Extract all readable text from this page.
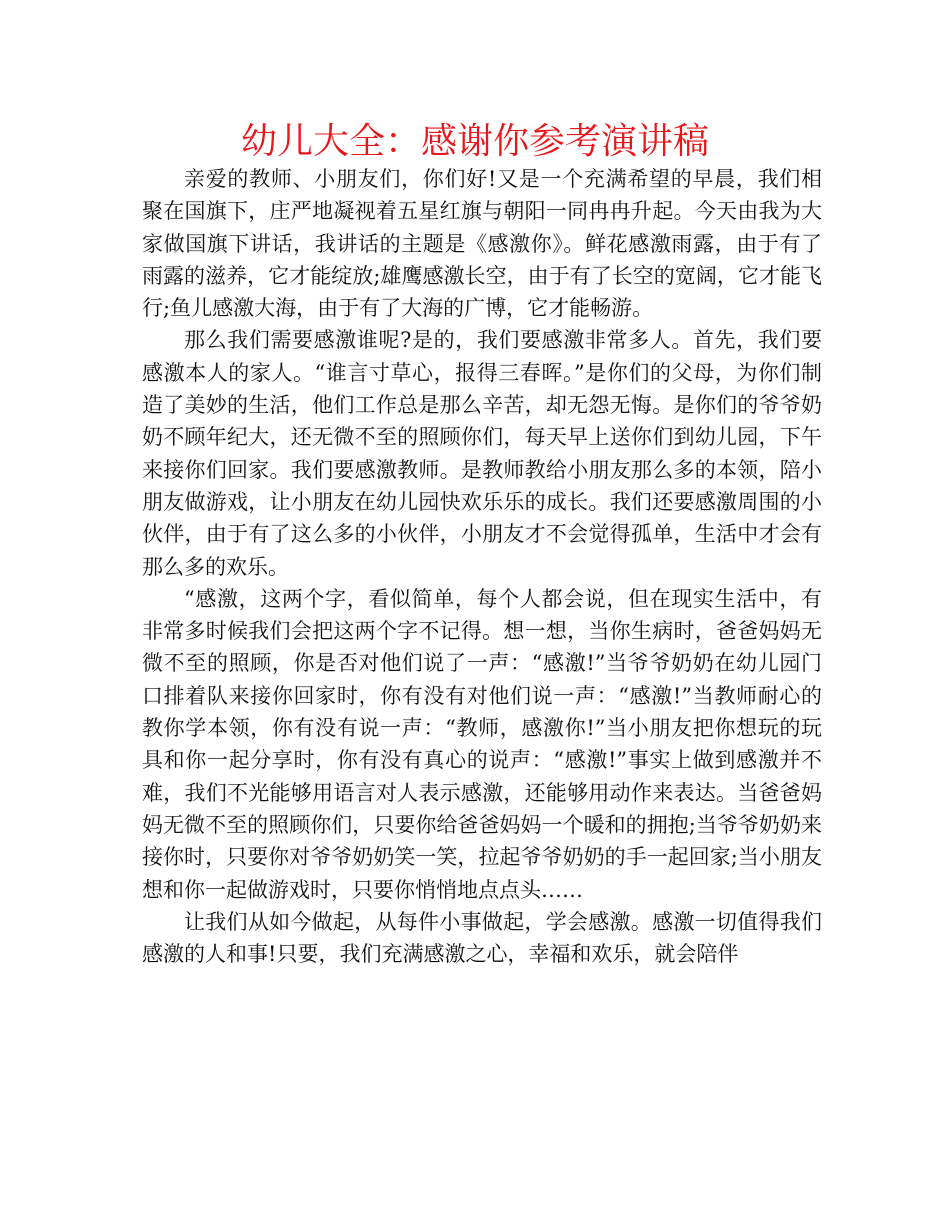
幼儿大全：感谢你参考演讲稿

亲爱的教师、小朋友们，你们好!又是一个充满希望的早晨，我们相聚在国旗下，庄严地凝视着五星红旗与朝阳一同冉冉升起。今天由我为大家做国旗下讲话，我讲话的主题是《感激你》。鲜花感激雨露，由于有了雨露的滋养，它才能绽放;雄鹰感激长空，由于有了长空的宽阔，它才能飞行;鱼儿感激大海，由于有了大海的广博，它才能畅游。

那么我们需要感激谁呢?是的，我们要感激非常多人。首先，我们要感激本人的家人。“谁言寸草心，报得三春晖。”是你们的父母，为你们制造了美妙的生活，他们工作总是那么辛苦，却无怨无悔。是你们的爷爷奶奶不顾年纪大，还无微不至的照顾你们，每天早上送你们到幼儿园，下午来接你们回家。我们要感激教师。是教师教给小朋友那么多的本领，陪小朋友做游戏，让小朋友在幼儿园快欢乐乐的成长。我们还要感激周围的小伙伴，由于有了这么多的小伙伴，小朋友才不会觉得孤单，生活中才会有那么多的欢乐。

“感激，这两个字，看似简单，每个人都会说，但在现实生活中，有非常多时候我们会把这两个字不记得。想一想，当你生病时，爸爸妈妈无微不至的照顾，你是否对他们说了一声：“感激!”当爷爷奶奶在幼儿园门口排着队来接你回家时，你有没有对他们说一声：“感激!”当教师耐心的教你学本领，你有没有说一声：“教师，感激你!”当小朋友把你想玩的玩具和你一起分享时，你有没有真心的说声：“感激!”事实上做到感激并不难，我们不光能够用语言对人表示感激，还能够用动作来表达。当爸爸妈妈无微不至的照顾你们，只要你给爸爸妈妈一个暖和的拥抱;当爷爷奶奶来接你时，只要你对爷爷奶奶笑一笑，拉起爷爷奶奶的手一起回家;当小朋友想和你一起做游戏时，只要你悄悄地点点头……

让我们从如今做起，从每件小事做起，学会感激。感激一切值得我们感激的人和事!只要，我们充满感激之心，幸福和欢乐，就会陪伴
